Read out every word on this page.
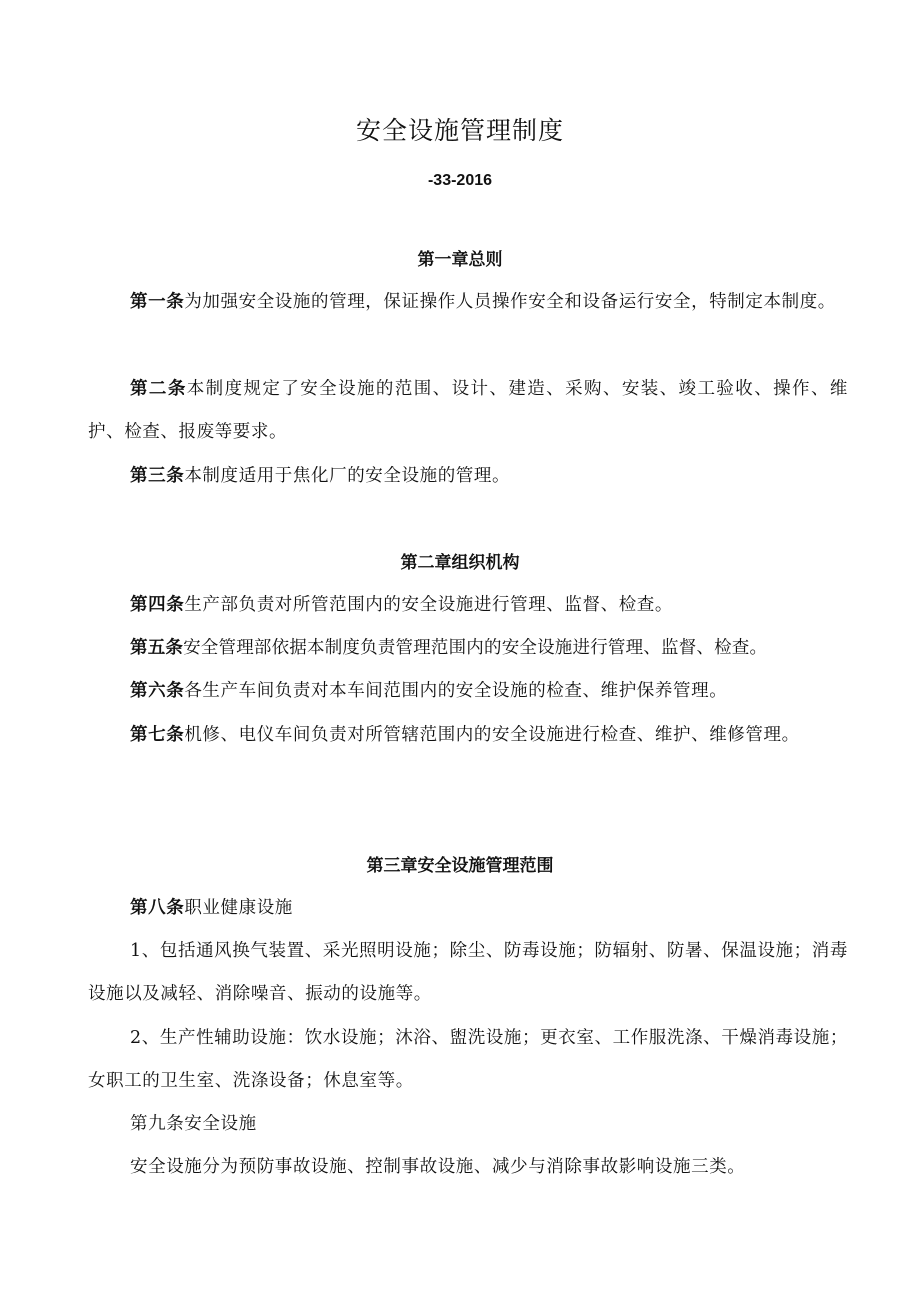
安全设施管理制度
-33-2016
第一章总则
第一条为加强安全设施的管理，保证操作人员操作安全和设备运行安全，特制定本制度。
第二条本制度规定了安全设施的范围、设计、建造、采购、安装、竣工验收、操作、维护、检查、报废等要求。
第三条本制度适用于焦化厂的安全设施的管理。
第二章组织机构
第四条生产部负责对所管范围内的安全设施进行管理、监督、检查。
第五条安全管理部依据本制度负责管理范围内的安全设施进行管理、监督、检查。
第六条各生产车间负责对本车间范围内的安全设施的检查、维护保养管理。
第七条机修、电仪车间负责对所管辖范围内的安全设施进行检查、维护、维修管理。
第三章安全设施管理范围
第八条职业健康设施
1、包括通风换气装置、采光照明设施；除尘、防毒设施；防辐射、防暑、保温设施；消毒设施以及减轻、消除噪音、振动的设施等。
2、生产性辅助设施：饮水设施；沐浴、盥洗设施；更衣室、工作服洗涤、干燥消毒设施；女职工的卫生室、洗涤设备；休息室等。
第九条安全设施
安全设施分为预防事故设施、控制事故设施、减少与消除事故影响设施三类。
